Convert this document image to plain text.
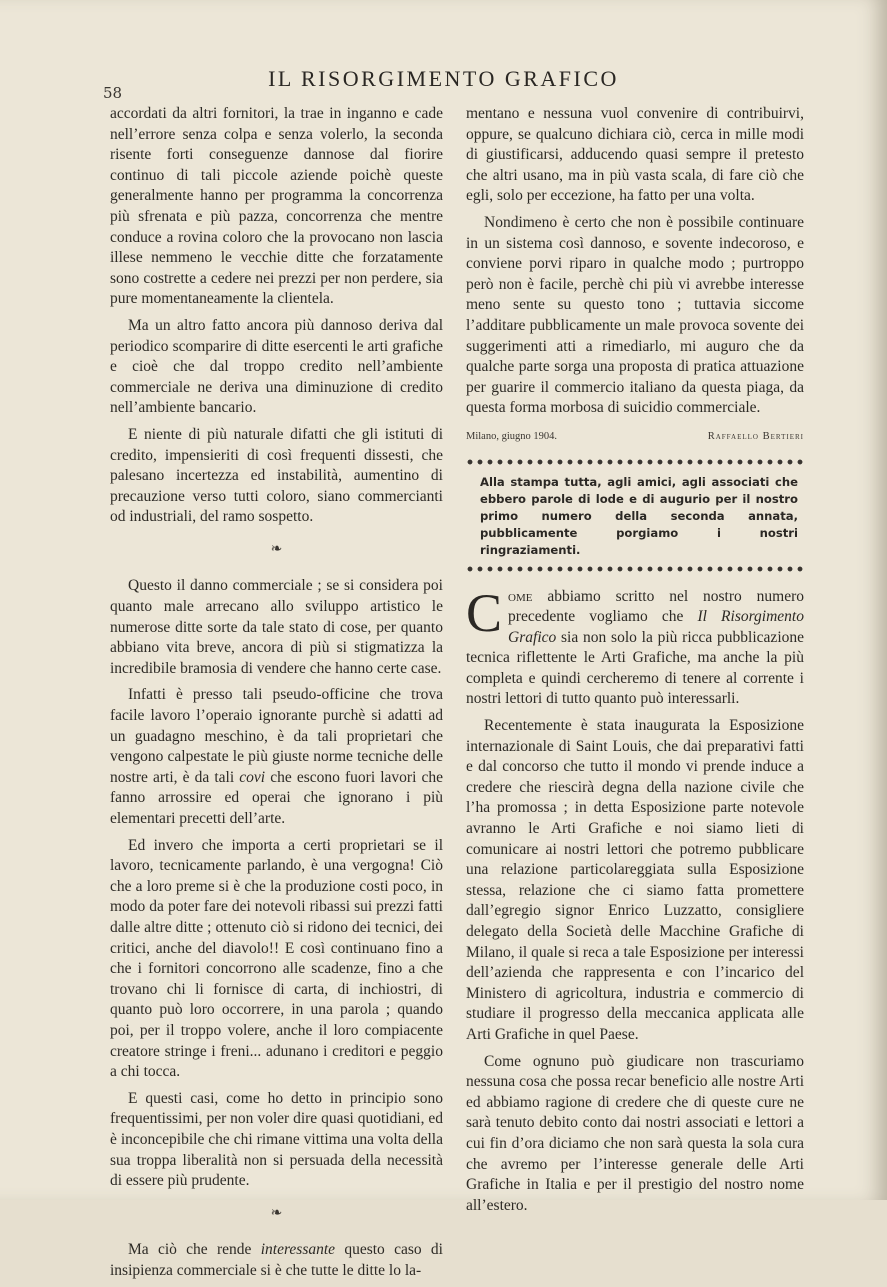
58
IL RISORGIMENTO GRAFICO

accordati da altri fornitori, la trae in inganno e cade nell’errore senza colpa e senza volerlo, la seconda risente forti conseguenze dannose dal fiorire continuo di tali piccole aziende poichè queste generalmente hanno per programma la concorrenza più sfrenata e più pazza, concorrenza che mentre conduce a rovina coloro che la provocano non lascia illese nemmeno le vecchie ditte che forzatamente sono costrette a cedere nei prezzi per non perdere, sia pure momentaneamente la clientela.

Ma un altro fatto ancora più dannoso deriva dal periodico scomparire di ditte esercenti le arti grafiche e cioè che dal troppo credito nell’ambiente commerciale ne deriva una diminuzione di credito nell’ambiente bancario.

E niente di più naturale difatti che gli istituti di credito, impensieriti di così frequenti dissesti, che palesano incertezza ed instabilità, aumentino di precauzione verso tutti coloro, siano commercianti od industriali, del ramo sospetto.

❧

Questo il danno commerciale ; se si considera poi quanto male arrecano allo sviluppo artistico le numerose ditte sorte da tale stato di cose, per quanto abbiano vita breve, ancora di più si stigmatizza la incredibile bramosia di vendere che hanno certe case.

Infatti è presso tali pseudo-officine che trova facile lavoro l’operaio ignorante purchè si adatti ad un guadagno meschino, è da tali proprietari che vengono calpestate le più giuste norme tecniche delle nostre arti, è da tali covi che escono fuori lavori che fanno arrossire ed operai che ignorano i più elementari precetti dell’arte.

Ed invero che importa a certi proprietari se il lavoro, tecnicamente parlando, è una vergogna! Ciò che a loro preme si è che la produzione costi poco, in modo da poter fare dei notevoli ribassi sui prezzi fatti dalle altre ditte ; ottenuto ciò si ridono dei tecnici, dei critici, anche del diavolo!! E così continuano fino a che i fornitori concorrono alle scadenze, fino a che trovano chi li fornisce di carta, di inchiostri, di quanto può loro occorrere, in una parola ; quando poi, per il troppo volere, anche il loro compiacente creatore stringe i freni... adunano i creditori e peggio a chi tocca.

E questi casi, come ho detto in principio sono frequentissimi, per non voler dire quasi quotidiani, ed è inconcepibile che chi rimane vittima una volta della sua troppa liberalità non si persuada della necessità di essere più prudente.

❧

Ma ciò che rende interessante questo caso di insipienza commerciale si è che tutte le ditte lo la-

mentano e nessuna vuol convenire di contribuirvi, oppure, se qualcuno dichiara ciò, cerca in mille modi di giustificarsi, adducendo quasi sempre il pretesto che altri usano, ma in più vasta scala, di fare ciò che egli, solo per eccezione, ha fatto per una volta.

Nondimeno è certo che non è possibile continuare in un sistema così dannoso, e sovente indecoroso, e conviene porvi riparo in qualche modo ; purtroppo però non è facile, perchè chi più vi avrebbe interesse meno sente su questo tono ; tuttavia siccome l’additare pubblicamente un male provoca sovente dei suggerimenti atti a rimediarlo, mi auguro che da qualche parte sorga una proposta di pratica attuazione per guarire il commercio italiano da questa piaga, da questa forma morbosa di suicidio commerciale.

Milano, giugno 1904.	Raffaello Bertieri
Alla stampa tutta, agli amici, agli associati che ebbero parole di lode e di augurio per il nostro primo numero della seconda annata, pubblicamente porgiamo i nostri ringraziamenti.

Come abbiamo scritto nel nostro numero precedente vogliamo che Il Risorgimento Grafico sia non solo la più ricca pubblicazione tecnica riflettente le Arti Grafiche, ma anche la più completa e quindi cercheremo di tenere al corrente i nostri lettori di tutto quanto può interessarli.

Recentemente è stata inaugurata la Esposizione internazionale di Saint Louis, che dai preparativi fatti e dal concorso che tutto il mondo vi prende induce a credere che riescirà degna della nazione civile che l’ha promossa ; in detta Esposizione parte notevole avranno le Arti Grafiche e noi siamo lieti di comunicare ai nostri lettori che potremo pubblicare una relazione particolareggiata sulla Esposizione stessa, relazione che ci siamo fatta promettere dall’egregio signor Enrico Luzzatto, consigliere delegato della Società delle Macchine Grafiche di Milano, il quale si reca a tale Esposizione per interessi dell’azienda che rappresenta e con l’incarico del Ministero di agricoltura, industria e commercio di studiare il progresso della meccanica applicata alle Arti Grafiche in quel Paese.

Come ognuno può giudicare non trascuriamo nessuna cosa che possa recar beneficio alle nostre Arti ed abbiamo ragione di credere che di queste cure ne sarà tenuto debito conto dai nostri associati e lettori a cui fin d’ora diciamo che non sarà questa la sola cura che avremo per l’interesse generale delle Arti Grafiche in Italia e per il prestigio del nostro nome all’estero.
